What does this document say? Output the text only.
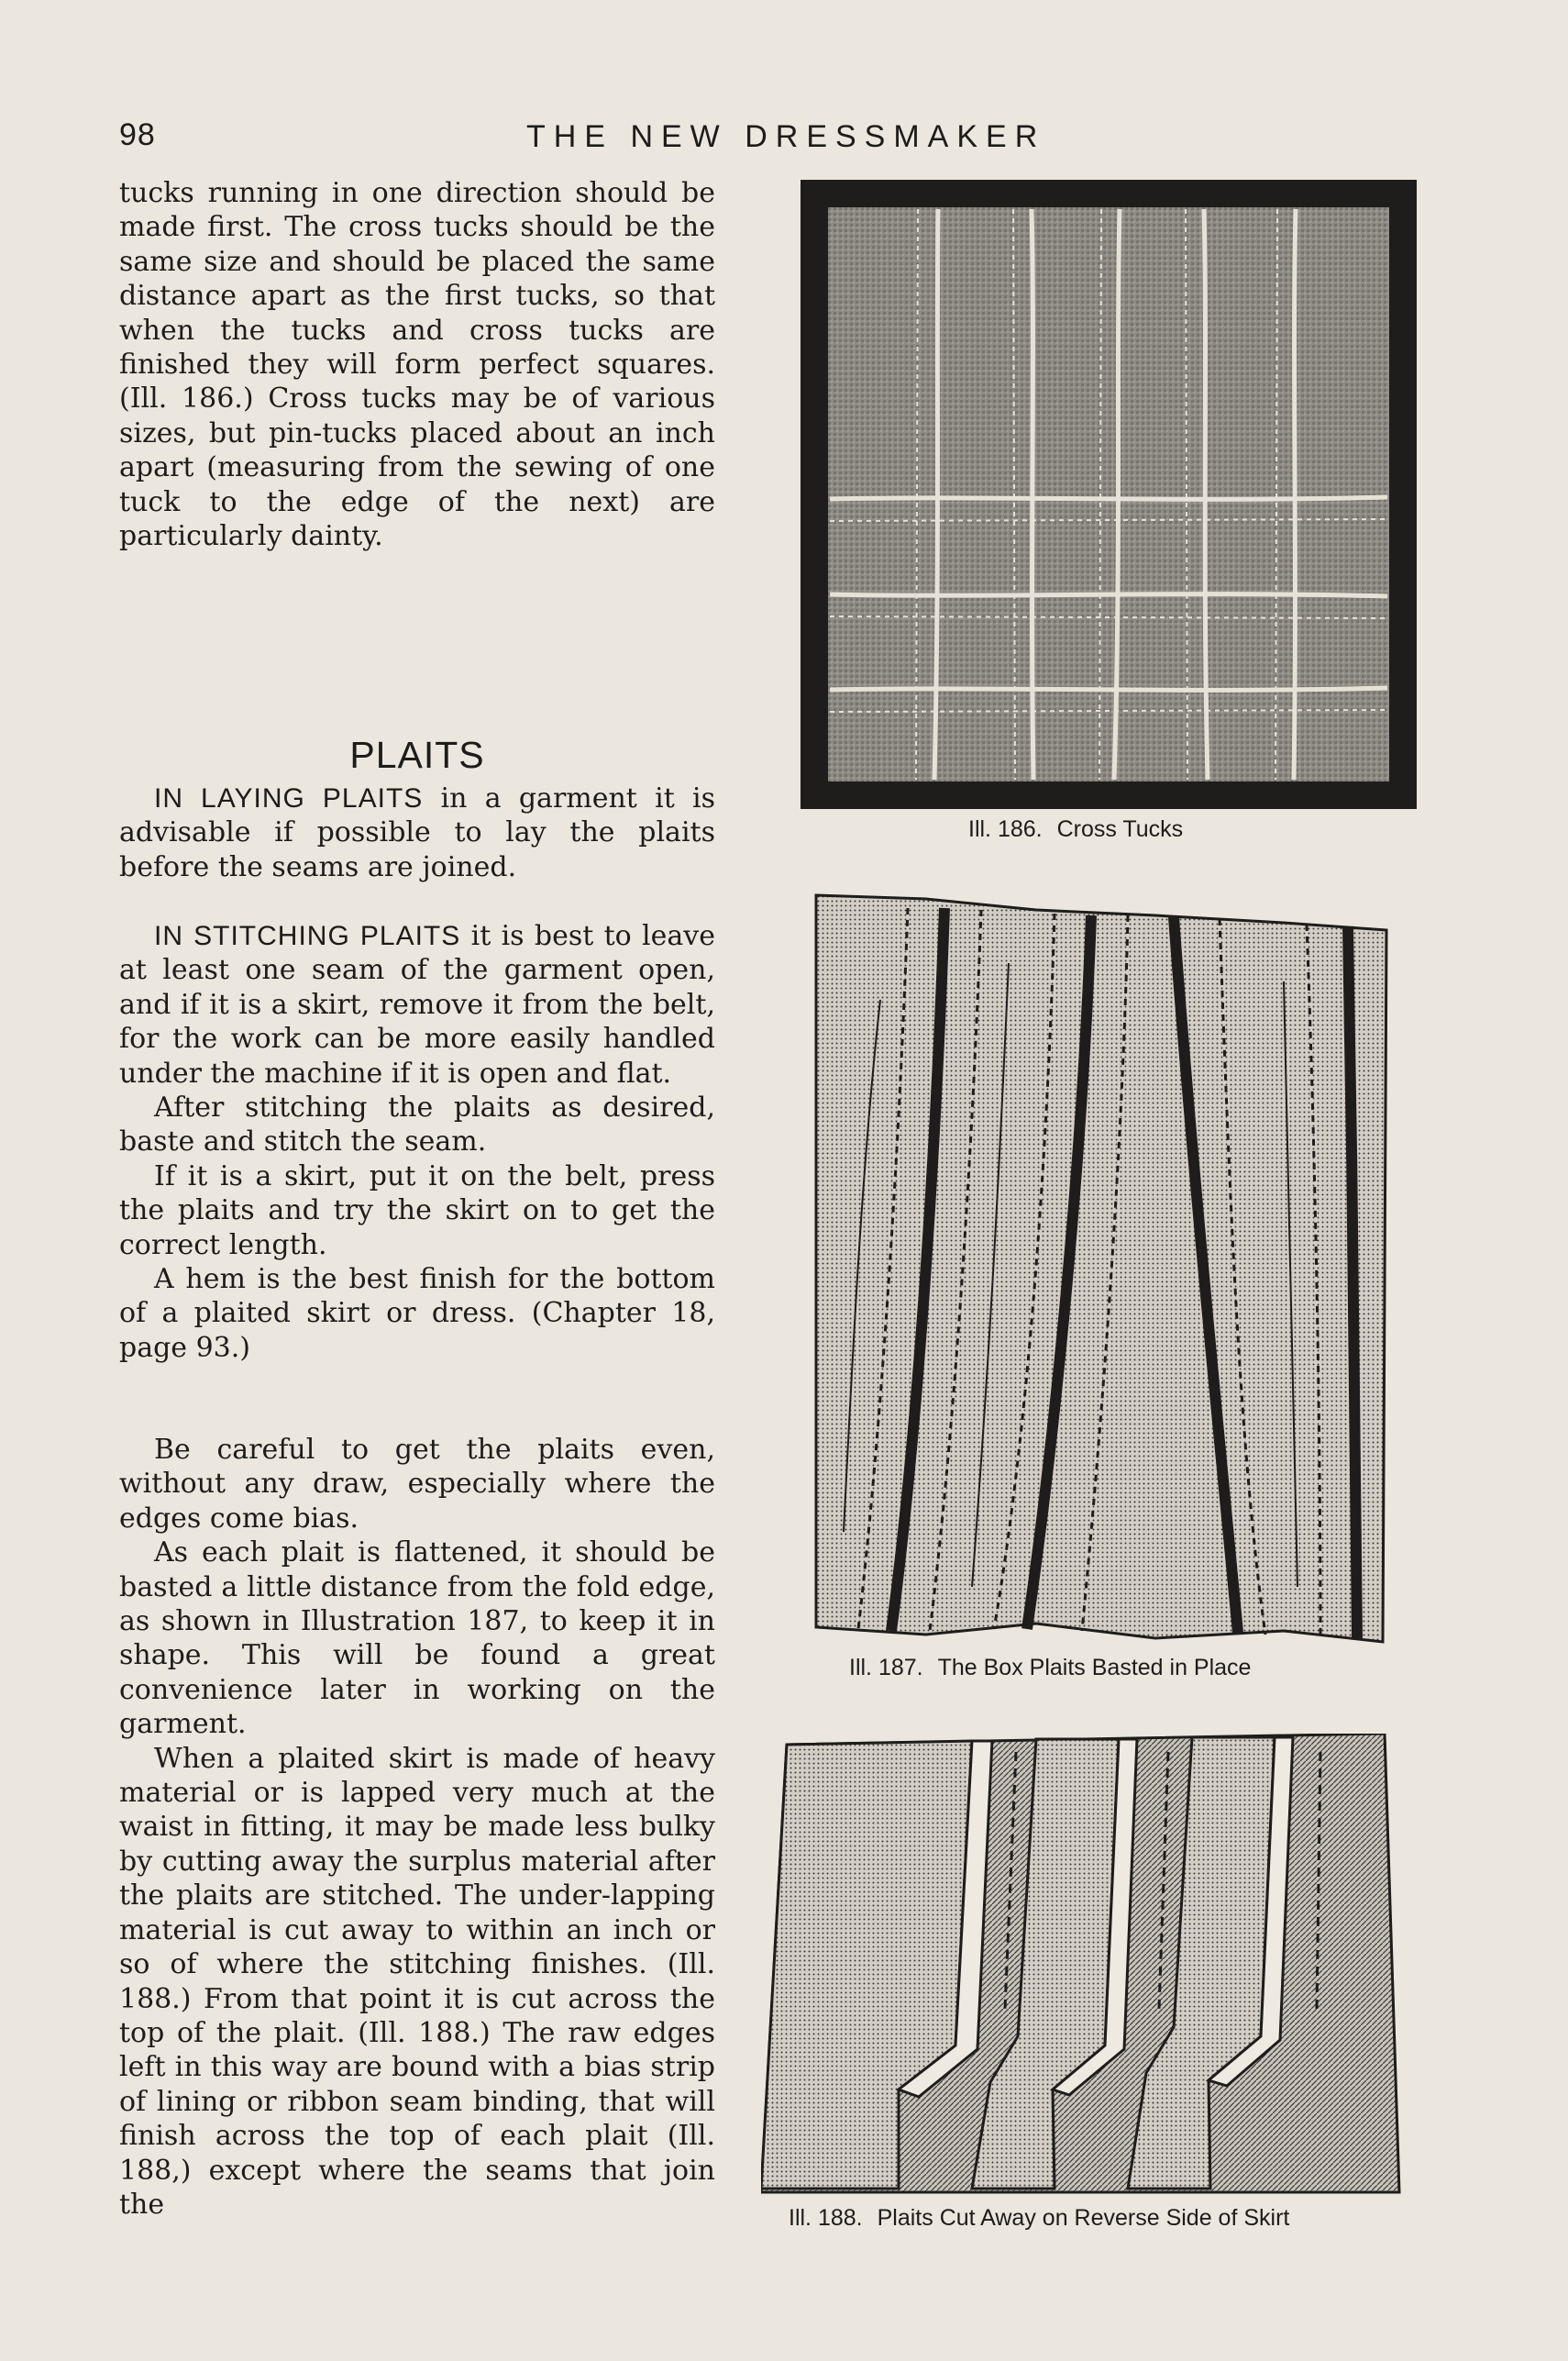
98	THE NEW DRESSMAKER

tucks running in one direction should be made first. The cross tucks should be the same size and should be placed the same distance apart as the first tucks, so that when the tucks and cross tucks are finished they will form perfect squares. (Ill. 186.) Cross tucks may be of various sizes, but pin-tucks placed about an inch apart (measuring from the sewing of one tuck to the edge of the next) are particularly dainty.

PLAITS

IN LAYING PLAITS in a garment it is advisable if possible to lay the plaits before the seams are joined.

IN STITCHING PLAITS it is best to leave at least one seam of the garment open, and if it is a skirt, remove it from the belt, for the work can be more easily handled under the machine if it is open and flat.

After stitching the plaits as desired, baste and stitch the seam.

If it is a skirt, put it on the belt, press the plaits and try the skirt on to get the correct length.

A hem is the best finish for the bottom of a plaited skirt or dress. (Chapter 18, page 93.)

Be careful to get the plaits even, without any draw, especially where the edges come bias.

As each plait is flattened, it should be basted a little distance from the fold edge, as shown in Illustration 187, to keep it in shape. This will be found a great convenience later in working on the garment.

When a plaited skirt is made of heavy material or is lapped very much at the waist in fitting, it may be made less bulky by cutting away the surplus material after the plaits are stitched. The under-lapping material is cut away to within an inch or so of where the stitching finishes. (Ill. 188.) From that point it is cut across the top of the plait. (Ill. 188.) The raw edges left in this way are bound with a bias strip of lining or ribbon seam binding, that will finish across the top of each plait (Ill. 188,) except where the seams that join the

Ill. 186. Cross Tucks
Ill. 187. The Box Plaits Basted in Place
Ill. 188. Plaits Cut Away on Reverse Side of Skirt
